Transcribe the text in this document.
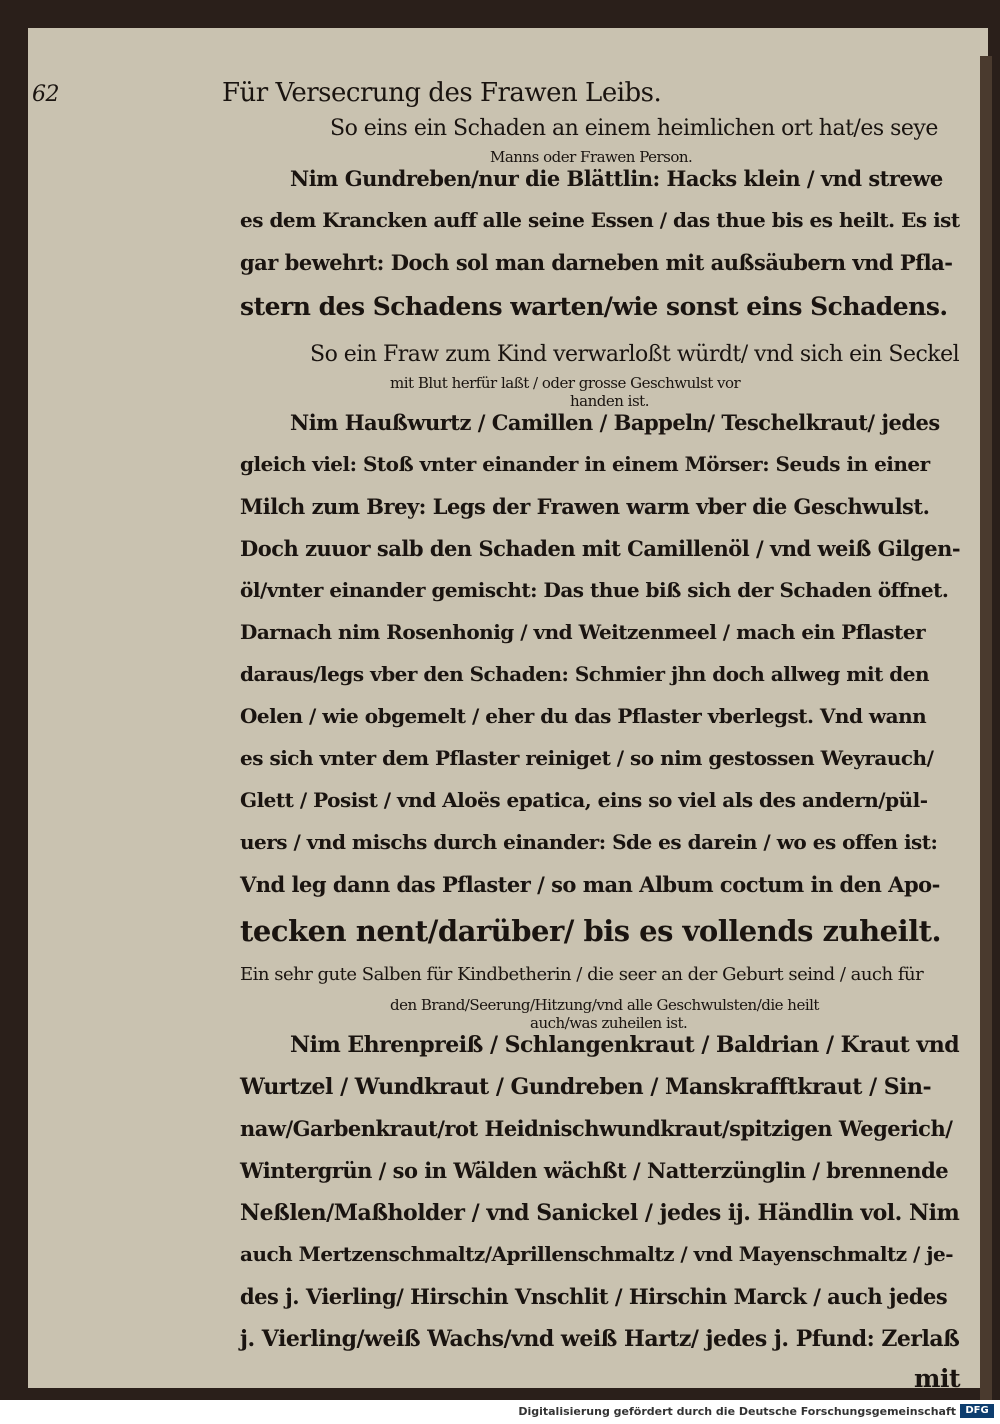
62	Für Versecrung des Frawen Leibs.
So eins ein Schaden an einem heimlichen ort hat/es seye
Manns oder Frawen Person.
Nim Gundreben/nur die Blättlin: Hacks klein / vnd strewe
es dem Krancken auff alle seine Essen / das thue bis es heilt. Es ist
gar bewehrt: Doch sol man darneben mit außsäubern vnd Pfla-
stern des Schadens warten/wie sonst eins Schadens.
So ein Fraw zum Kind verwarloßt würdt/ vnd sich ein Seckel
mit Blut herfür laßt / oder grosse Geschwulst vor
handen ist.
Nim Haußwurtz / Camillen / Bappeln/ Teschelkraut/ jedes
gleich viel: Stoß vnter einander in einem Mörser: Seuds in einer
Milch zum Brey: Legs der Frawen warm vber die Geschwulst.
Doch zuuor salb den Schaden mit Camillenöl / vnd weiß Gilgen-
öl/vnter einander gemischt: Das thue biß sich der Schaden öffnet.
Darnach nim Rosenhonig / vnd Weitzenmeel / mach ein Pflaster
daraus/legs vber den Schaden: Schmier jhn doch allweg mit den
Oelen / wie obgemelt / eher du das Pflaster vberlegst. Vnd wann
es sich vnter dem Pflaster reiniget / so nim gestossen Weyrauch/
Glett / Posist / vnd Aloës epatica, eins so viel als des andern/pül-
uers / vnd mischs durch einander: Sdе es darein / wo es offen ist:
Vnd leg dann das Pflaster / so man Album coctum in den Apo-
tecken nent/darüber/ bis es vollends zuheilt.
Ein sehr gute Salben für Kindbetherin / die seer an der Geburt seind / auch für
den Brand/Seerung/Hitzung/vnd alle Geschwulsten/die heilt
auch/was zuheilen ist.
Nim Ehrenpreiß / Schlangenkraut / Baldrian / Kraut vnd
Wurtzel / Wundkraut / Gundreben / Manskrafftkraut / Sin-
naw/Garbenkraut/rot Heidnischwundkraut/spitzigen Wegerich/
Wintergrün / so in Wälden wächßt / Natterzünglin / brennende
Neßlen/Maßholder / vnd Sanickel / jedes ij. Händlin vol. Nim
auch Mertzenschmaltz/Aprillenschmaltz / vnd Mayenschmaltz / je-
des j. Vierling/ Hirschin Vnschlit / Hirschin Marck / auch jedes
j. Vierling/weiß Wachs/vnd weiß Hartz/ jedes j. Pfund: Zerlaß
mit
Digitalisierung gefördert durch die Deutsche Forschungsgemeinschaft DFG
